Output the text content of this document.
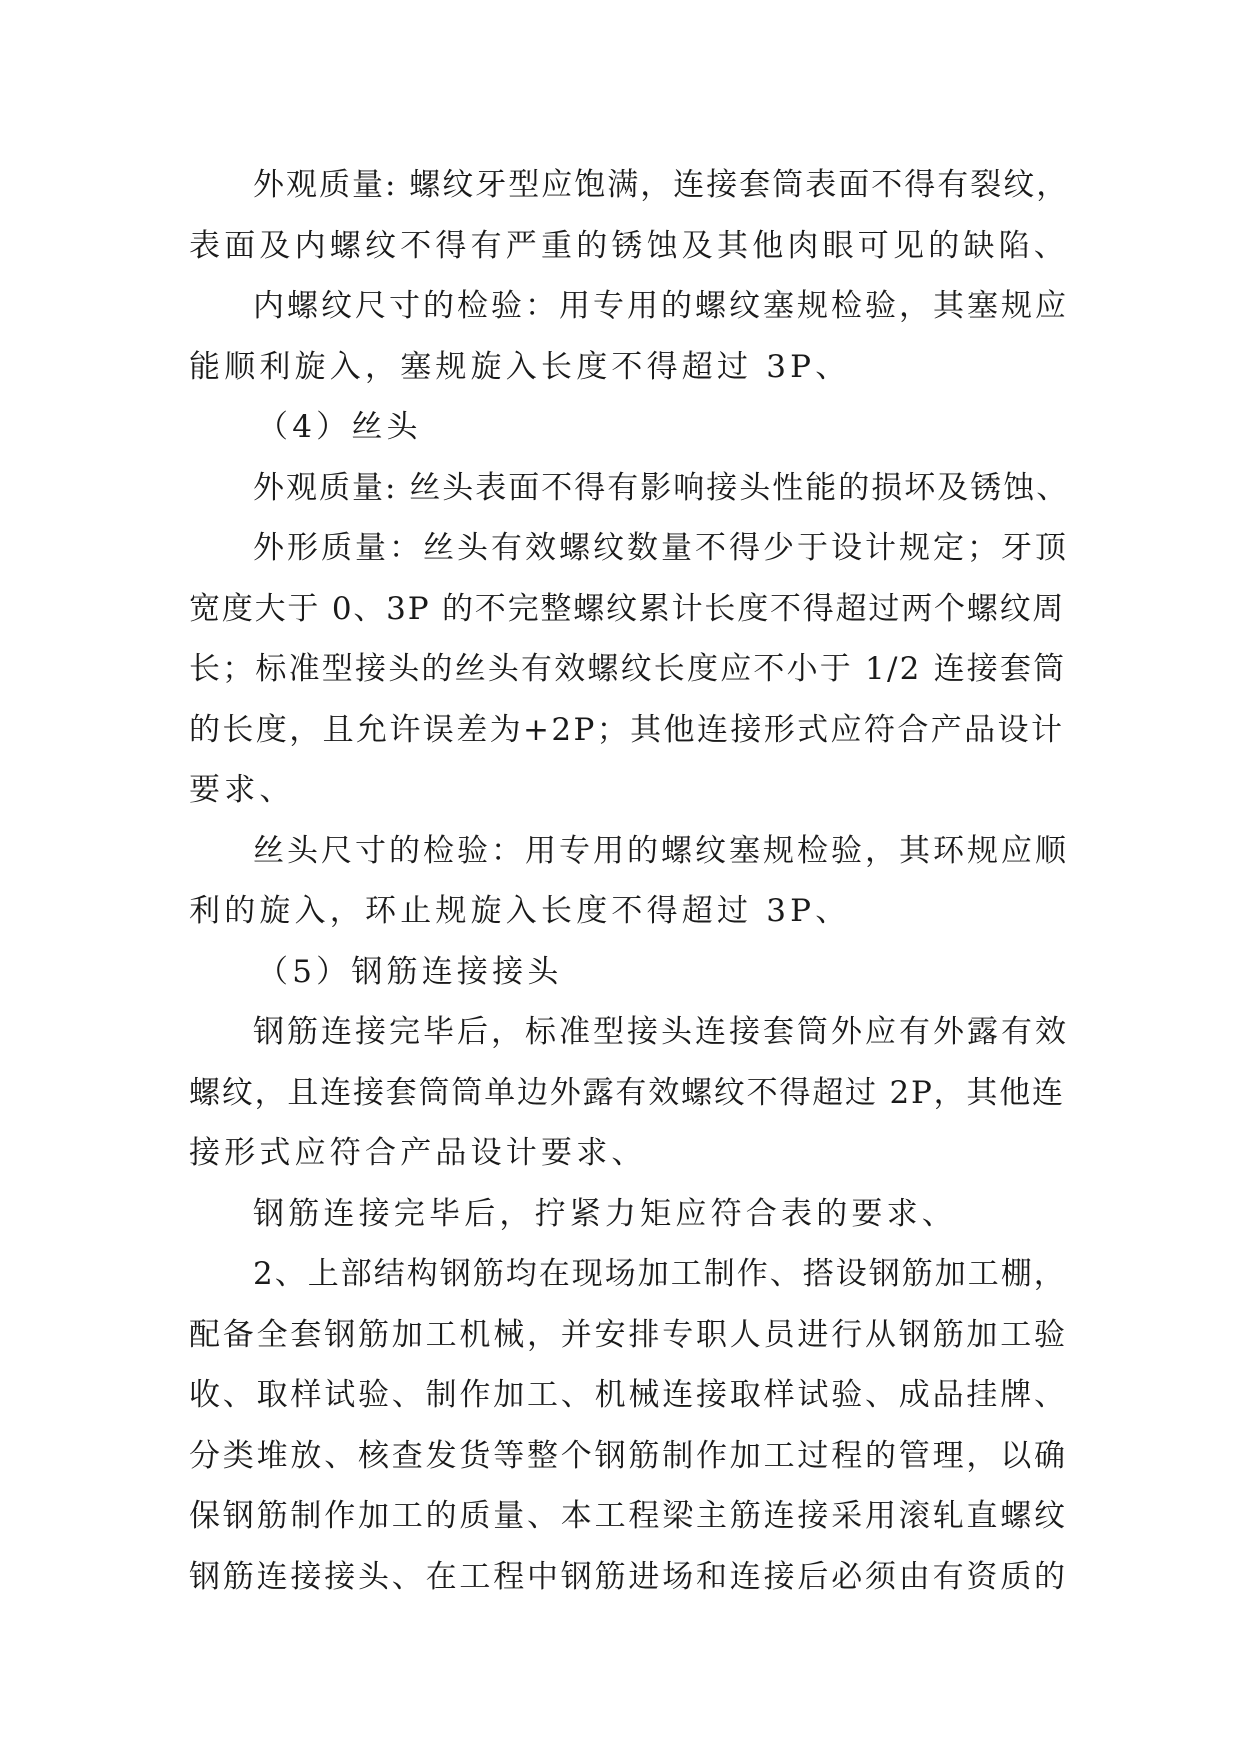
外观质量: 螺纹牙型应饱满，连接套筒表面不得有裂纹，
表面及内螺纹不得有严重的锈蚀及其他肉眼可见的缺陷、
内螺纹尺寸的检验：用专用的螺纹塞规检验，其塞规应
能顺利旋入，塞规旋入长度不得超过 3P、
（4）丝头
外观质量: 丝头表面不得有影响接头性能的损坏及锈蚀、
外形质量：丝头有效螺纹数量不得少于设计规定；牙顶
宽度大于 0、3P 的不完整螺纹累计长度不得超过两个螺纹周
长；标准型接头的丝头有效螺纹长度应不小于 1/2 连接套筒
的长度，且允许误差为+2P；其他连接形式应符合产品设计
要求、
丝头尺寸的检验：用专用的螺纹塞规检验，其环规应顺
利的旋入，环止规旋入长度不得超过 3P、
（5）钢筋连接接头
钢筋连接完毕后，标准型接头连接套筒外应有外露有效
螺纹，且连接套筒筒单边外露有效螺纹不得超过 2P，其他连
接形式应符合产品设计要求、
钢筋连接完毕后，拧紧力矩应符合表的要求、
2、上部结构钢筋均在现场加工制作、搭设钢筋加工棚，
配备全套钢筋加工机械，并安排专职人员进行从钢筋加工验
收、取样试验、制作加工、机械连接取样试验、成品挂牌、
分类堆放、核查发货等整个钢筋制作加工过程的管理，以确
保钢筋制作加工的质量、本工程梁主筋连接采用滚轧直螺纹
钢筋连接接头、在工程中钢筋进场和连接后必须由有资质的
